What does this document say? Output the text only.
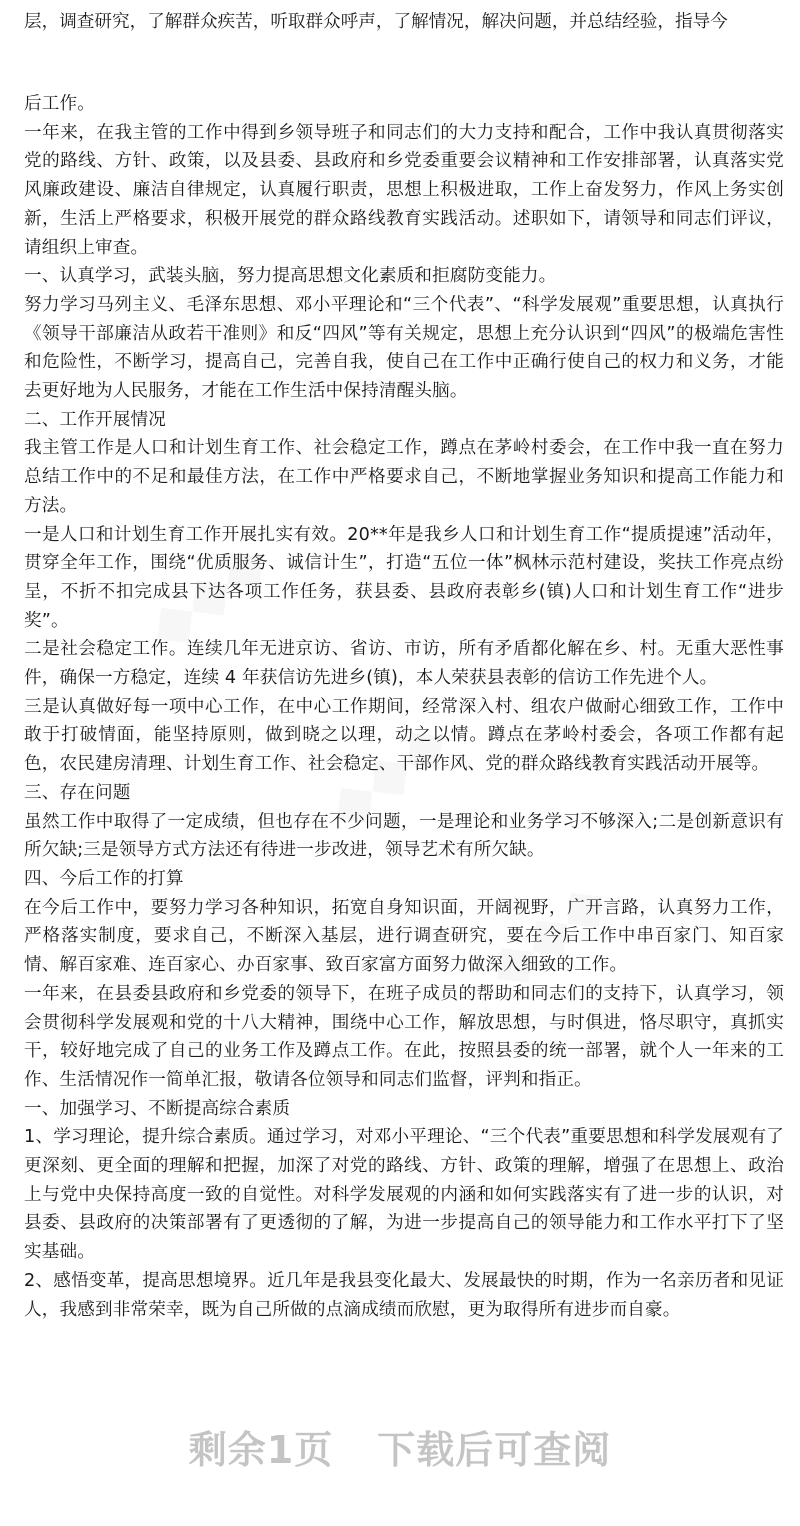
◆◆◆
◆◆◆
◆◆◆

层，调查研究，了解群众疾苦，听取群众呼声，了解情况，解决问题，并总结经验，指导今

后工作。

一年来，在我主管的工作中得到乡领导班子和同志们的大力支持和配合，工作中我认真贯彻落实党的路线、方针、政策，以及县委、县政府和乡党委重要会议精神和工作安排部署，认真落实党风廉政建设、廉洁自律规定，认真履行职责，思想上积极进取，工作上奋发努力，作风上务实创新，生活上严格要求，积极开展党的群众路线教育实践活动。述职如下，请领导和同志们评议，请组织上审查。

一、认真学习，武装头脑，努力提高思想文化素质和拒腐防变能力。

努力学习马列主义、毛泽东思想、邓小平理论和“三个代表”、“科学发展观”重要思想，认真执行《领导干部廉洁从政若干准则》和反“四风”等有关规定，思想上充分认识到“四风”的极端危害性和危险性，不断学习，提高自己，完善自我，使自己在工作中正确行使自己的权力和义务，才能去更好地为人民服务，才能在工作生活中保持清醒头脑。

二、工作开展情况

我主管工作是人口和计划生育工作、社会稳定工作，蹲点在茅岭村委会，在工作中我一直在努力总结工作中的不足和最佳方法，在工作中严格要求自己，不断地掌握业务知识和提高工作能力和方法。

一是人口和计划生育工作开展扎实有效。20**年是我乡人口和计划生育工作“提质提速”活动年，贯穿全年工作，围绕“优质服务、诚信计生”，打造“五位一体”枫林示范村建设，奖扶工作亮点纷呈，不折不扣完成县下达各项工作任务，获县委、县政府表彰乡(镇)人口和计划生育工作“进步奖”。

二是社会稳定工作。连续几年无进京访、省访、市访，所有矛盾都化解在乡、村。无重大恶性事件，确保一方稳定，连续 4 年获信访先进乡(镇)，本人荣获县表彰的信访工作先进个人。

三是认真做好每一项中心工作，在中心工作期间，经常深入村、组农户做耐心细致工作，工作中敢于打破情面，能坚持原则，做到晓之以理，动之以情。蹲点在茅岭村委会，各项工作都有起色，农民建房清理、计划生育工作、社会稳定、干部作风、党的群众路线教育实践活动开展等。

三、存在问题

虽然工作中取得了一定成绩，但也存在不少问题，一是理论和业务学习不够深入;二是创新意识有所欠缺;三是领导方式方法还有待进一步改进，领导艺术有所欠缺。

四、今后工作的打算

在今后工作中，要努力学习各种知识，拓宽自身知识面，开阔视野，广开言路，认真努力工作，严格落实制度，要求自己，不断深入基层，进行调查研究，要在今后工作中串百家门、知百家情、解百家难、连百家心、办百家事、致百家富方面努力做深入细致的工作。

一年来，在县委县政府和乡党委的领导下，在班子成员的帮助和同志们的支持下，认真学习，领会贯彻科学发展观和党的十八大精神，围绕中心工作，解放思想，与时俱进，恪尽职守，真抓实干，较好地完成了自己的业务工作及蹲点工作。在此，按照县委的统一部署，就个人一年来的工作、生活情况作一简单汇报，敬请各位领导和同志们监督，评判和指正。

一、加强学习、不断提高综合素质

1、学习理论，提升综合素质。通过学习，对邓小平理论、“三个代表”重要思想和科学发展观有了更深刻、更全面的理解和把握，加深了对党的路线、方针、政策的理解，增强了在思想上、政治上与党中央保持高度一致的自觉性。对科学发展观的内涵和如何实践落实有了进一步的认识，对县委、县政府的决策部署有了更透彻的了解，为进一步提高自己的领导能力和工作水平打下了坚实基础。

2、感悟变革，提高思想境界。近几年是我县变化最大、发展最快的时期，作为一名亲历者和见证人，我感到非常荣幸，既为自己所做的点滴成绩而欣慰，更为取得所有进步而自豪。

剩余1页 下载后可查阅
